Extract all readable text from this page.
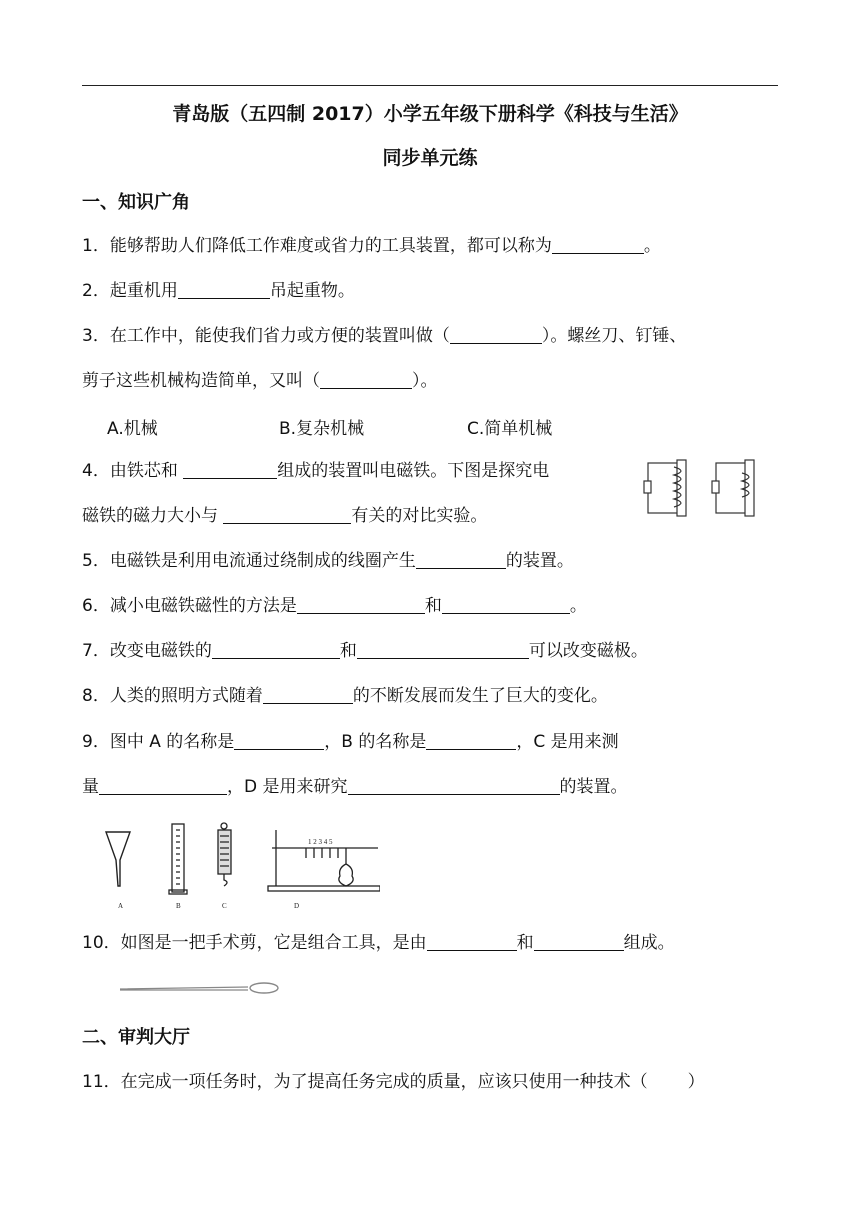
青岛版（五四制 2017）小学五年级下册科学《科技与生活》
同步单元练
一、知识广角
1．能够帮助人们降低工作难度或省力的工具装置，都可以称为	。
2．起重机用	吊起重物。
3．在工作中，能使我们省力或方便的装置叫做（	）。螺丝刀、钉锤、
剪子这些机械构造简单，又叫（	）。
A.机械	B.复杂机械	C.简单机械
4．由铁芯和	组成的装置叫电磁铁。下图是探究电
磁铁的磁力大小与	有关的对比实验。
5．电磁铁是利用电流通过绕制成的线圈产生	的装置。
6．减小电磁铁磁性的方法是	和	。
7．改变电磁铁的	和	可以改变磁极。
8．人类的照明方式随着	的不断发展而发生了巨大的变化。
9．图中 A 的名称是	，B 的名称是	，C 是用来测
量	，D 是用来研究	的装置。
1 2 3 4 5
A	B	C	D
10．如图是一把手术剪，它是组合工具，是由	和	组成。
二、审判大厅
11．在完成一项任务时，为了提高任务完成的质量，应该只使用一种技术（ ）
